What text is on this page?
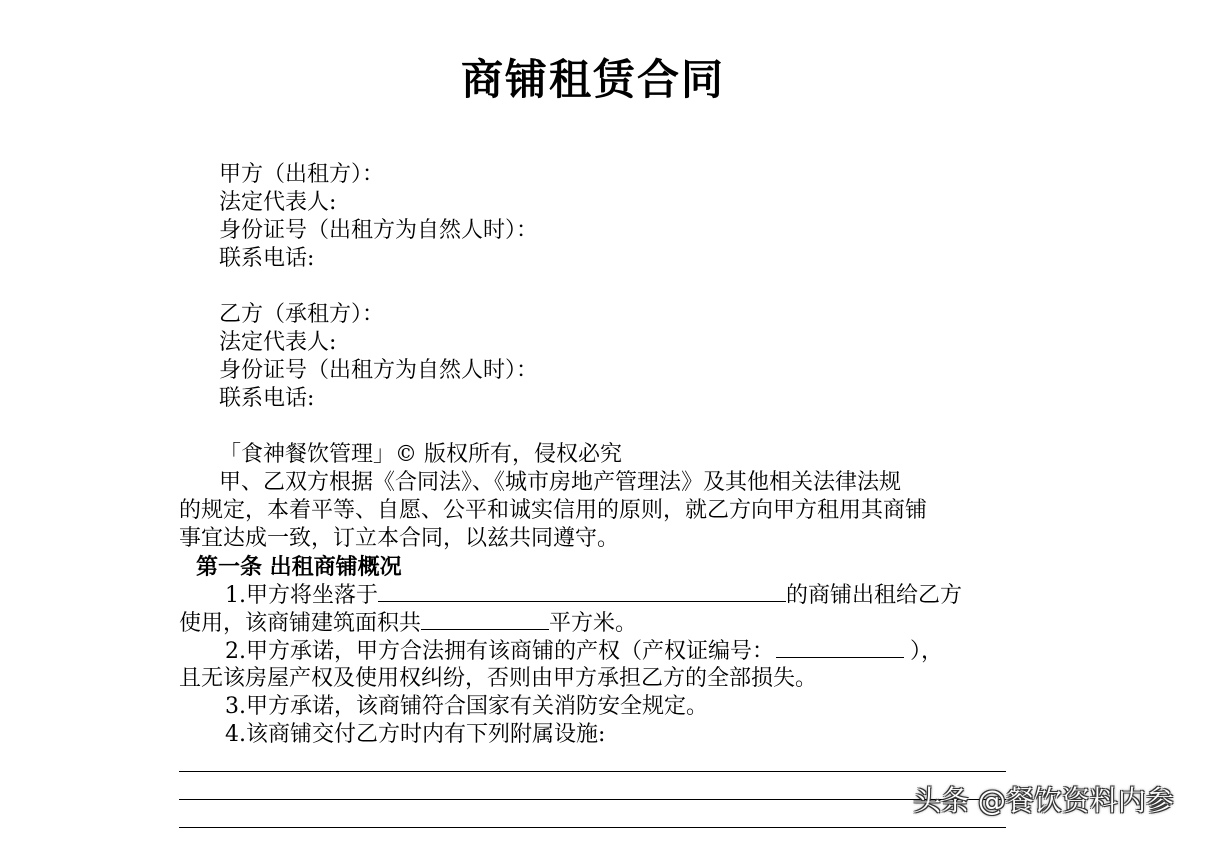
商铺租赁合同
甲方（出租方）：
法定代表人:
身份证号（出租方为自然人时）：
联系电话:
乙方（承租方）：
法定代表人:
身份证号（出租方为自然人时）：
联系电话:
「食神餐饮管理」© 版权所有，侵权必究
甲、乙双方根据《合同法》、《城市房地产管理法》及其他相关法律法规
的规定，本着平等、自愿、公平和诚实信用的原则，就乙方向甲方租用其商铺
事宜达成一致，订立本合同，以兹共同遵守。
第一条 出租商铺概况
1.甲方将坐落于	的商铺出租给乙方
使用，该商铺建筑面积共	平方米。
2.甲方承诺，甲方合法拥有该商铺的产权（产权证编号：	），
且无该房屋产权及使用权纠纷，否则由甲方承担乙方的全部损失。
3.甲方承诺，该商铺符合国家有关消防安全规定。
4.该商铺交付乙方时内有下列附属设施:
头条 @餐饮资料内参
